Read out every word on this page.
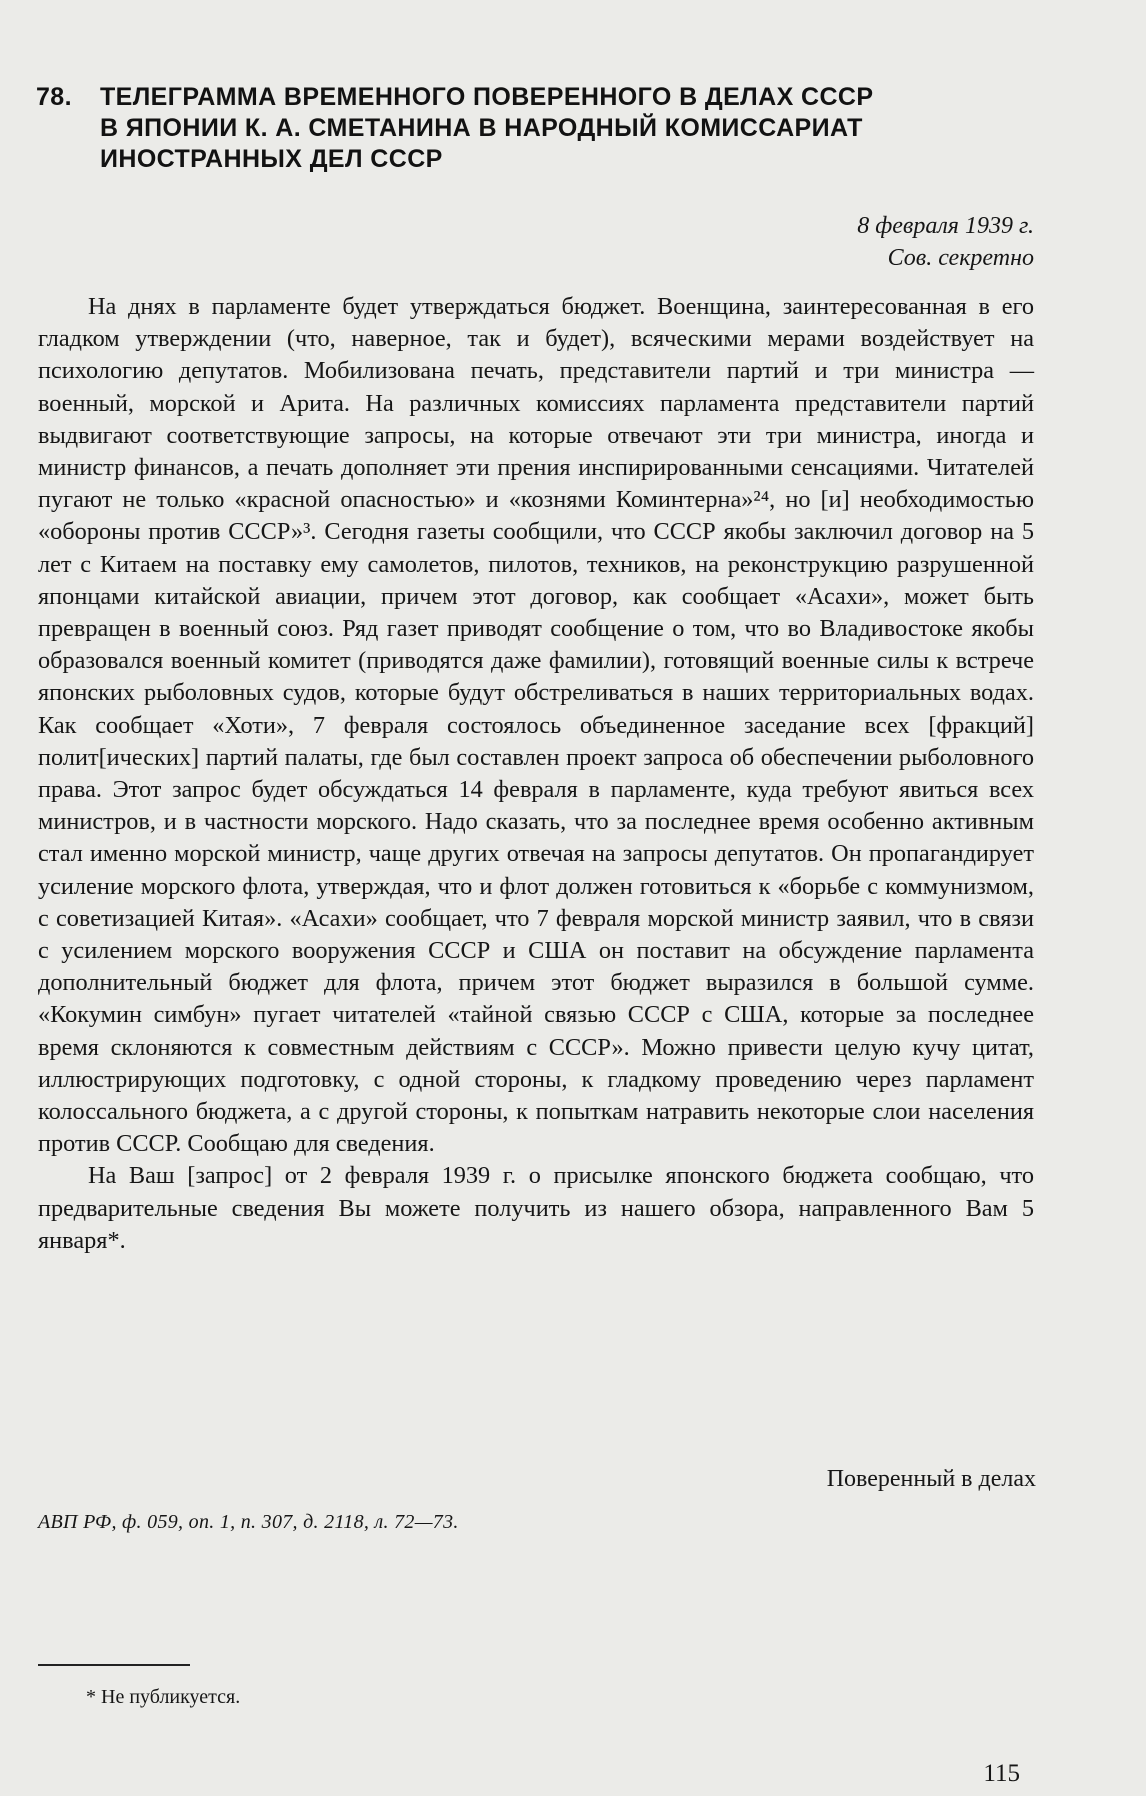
78. ТЕЛЕГРАММА ВРЕМЕННОГО ПОВЕРЕННОГО В ДЕЛАХ СССР
В ЯПОНИИ К. А. СМЕТАНИНА В НАРОДНЫЙ КОМИССАРИАТ
ИНОСТРАННЫХ ДЕЛ СССР
8 февраля 1939 г.
Сов. секретно

На днях в парламенте будет утверждаться бюджет. Военщина, заинтересованная в его гладком утверждении (что, наверное, так и будет), всяческими мерами воздействует на психологию депутатов. Мобилизована печать, представители партий и три министра — военный, морской и Арита. На различных комиссиях парламента представители партий выдвигают соответствующие запросы, на которые отвечают эти три министра, иногда и министр финансов, а печать дополняет эти прения инспирированными сенсациями. Читателей пугают не только «красной опасностью» и «кознями Коминтерна»²⁴, но [и] необходимостью «обороны против СССР»³. Сегодня газеты сообщили, что СССР якобы заключил договор на 5 лет с Китаем на поставку ему самолетов, пилотов, техников, на реконструкцию разрушенной японцами китайской авиации, причем этот договор, как сообщает «Асахи», может быть превращен в военный союз. Ряд газет приводят сообщение о том, что во Владивостоке якобы образовался военный комитет (приводятся даже фамилии), готовящий военные силы к встрече японских рыболовных судов, которые будут обстреливаться в наших территориальных водах. Как сообщает «Хоти», 7 февраля состоялось объединенное заседание всех [фракций] полит[ических] партий палаты, где был составлен проект запроса об обеспечении рыболовного права. Этот запрос будет обсуждаться 14 февраля в парламенте, куда требуют явиться всех министров, и в частности морского. Надо сказать, что за последнее время особенно активным стал именно морской министр, чаще других отвечая на запросы депутатов. Он пропагандирует усиление морского флота, утверждая, что и флот должен готовиться к «борьбе с коммунизмом, с советизацией Китая». «Асахи» сообщает, что 7 февраля морской министр заявил, что в связи с усилением морского вооружения СССР и США он поставит на обсуждение парламента дополнительный бюджет для флота, причем этот бюджет выразился в большой сумме. «Кокумин симбун» пугает читателей «тайной связью СССР с США, которые за последнее время склоняются к совместным действиям с СССР». Можно привести целую кучу цитат, иллюстрирующих подготовку, с одной стороны, к гладкому проведению через парламент колоссального бюджета, а с другой стороны, к попыткам натравить некоторые слои населения против СССР. Сообщаю для сведения.

На Ваш [запрос] от 2 февраля 1939 г. о присылке японского бюджета сообщаю, что предварительные сведения Вы можете получить из нашего обзора, направленного Вам 5 января*.

Поверенный в делах
АВП РФ, ф. 059, оп. 1, п. 307, д. 2118, л. 72—73.
* Не публикуется.
115
